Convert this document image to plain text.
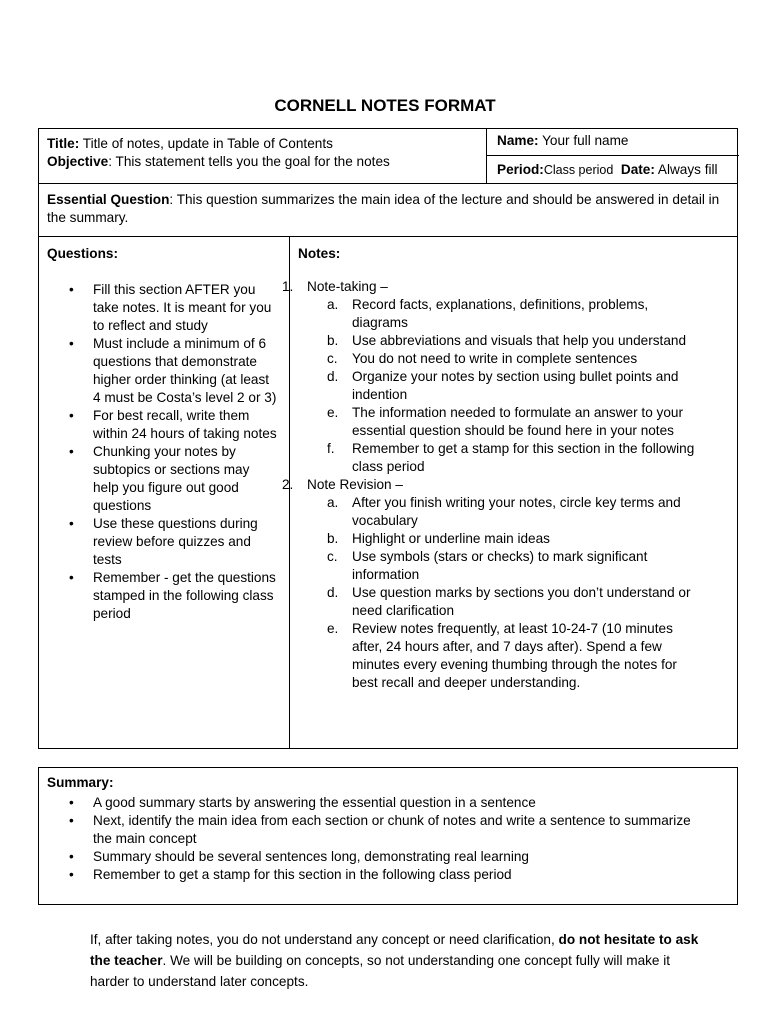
CORNELL NOTES FORMAT
Title: Title of notes, update in Table of Contents
Objective: This statement tells you the goal for the notes
Name: Your full name
Period:Class period Date: Always fill
Essential Question: This question summarizes the main idea of the lecture and should be answered in detail in the summary.
Questions:	Notes:
• Fill this section AFTER you take notes. It is meant for you to reflect and study
• Must include a minimum of 6 questions that demonstrate higher order thinking (at least 4 must be Costa’s level 2 or 3)
• For best recall, write them within 24 hours of taking notes
• Chunking your notes by subtopics or sections may help you figure out good questions
• Use these questions during review before quizzes and tests
• Remember - get the questions stamped in the following class period
1. Note-taking –
a. Record facts, explanations, definitions, problems, diagrams
b. Use abbreviations and visuals that help you understand
c. You do not need to write in complete sentences
d. Organize your notes by section using bullet points and indention
e. The information needed to formulate an answer to your essential question should be found here in your notes
f. Remember to get a stamp for this section in the following class period
2. Note Revision –
a. After you finish writing your notes, circle key terms and vocabulary
b. Highlight or underline main ideas
c. Use symbols (stars or checks) to mark significant information
d. Use question marks by sections you don’t understand or need clarification
e. Review notes frequently, at least 10-24-7 (10 minutes after, 24 hours after, and 7 days after). Spend a few minutes every evening thumbing through the notes for best recall and deeper understanding.
Summary:
• A good summary starts by answering the essential question in a sentence
• Next, identify the main idea from each section or chunk of notes and write a sentence to summarize the main concept
• Summary should be several sentences long, demonstrating real learning
• Remember to get a stamp for this section in the following class period
If, after taking notes, you do not understand any concept or need clarification, do not hesitate to ask the teacher. We will be building on concepts, so not understanding one concept fully will make it harder to understand later concepts.
